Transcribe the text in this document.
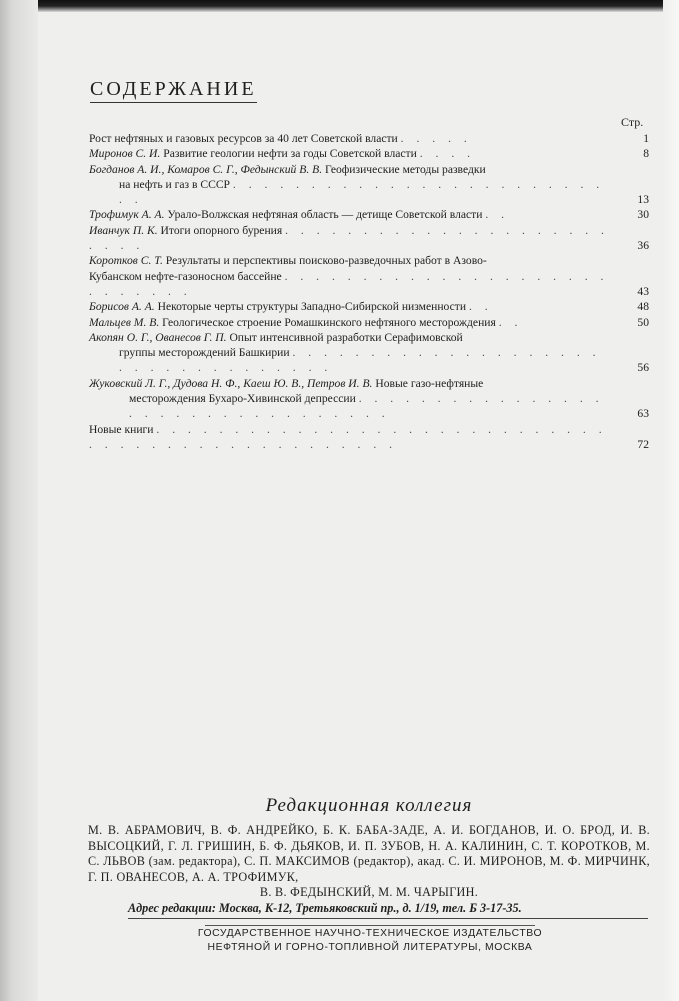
СОДЕРЖАНИЕ
Стр.
Рост нефтяных и газовых ресурсов за 40 лет Советской власти . . . . .	1
Миронов С. И. Развитие геологии нефти за годы Советской власти . . . .	8
Богданов А. И., Комаров С. Г., Федынский В. В. Геофизические методы разведки
на нефть и газ в СССР . . . . . . . . . . . . . . . . . . . . . . . . . .	13
Трофимук А. А. Урало-Волжская нефтяная область — детище Советской власти . .	30
Иванчук П. К. Итоги опорного бурения . . . . . . . . . . . . . . . . . . . . . . . . .	36
Коротков С. Т. Результаты и перспективы поисково-разведочных работ в Азово-
Кубанском нефте-газоносном бассейне . . . . . . . . . . . . . . . . . . . . . . . . . . . .	43
Борисов А. А. Некоторые черты структуры Западно-Сибирской низменности . .	48
Мальцев М. В. Геологическое строение Ромашкинского нефтяного месторождения . .	50
Акопян О. Г., Ованесов Г. П. Опыт интенсивной разработки Серафимовской
группы месторождений Башкирии . . . . . . . . . . . . . . . . . . . . . . . . . . . . . . . . . .	56
Жуковский Л. Г., Дудова Н. Ф., Каеш Ю. В., Петров И. В. Новые газо-нефтяные
месторождения Бухаро-Хивинской депрессии . . . . . . . . . . . . . . . . . . . . . . . . . . . . . . . . .	63
Новые книги . . . . . . . . . . . . . . . . . . . . . . . . . . . . . . . . . . . . . . . . . . . . . . . . .	72
Редакционная коллегия
М. В. АБРАМОВИЧ, В. Ф. АНДРЕЙКО, Б. К. БАБА-ЗАДЕ, А. И. БОГДАНОВ, И. О. БРОД, И. В. ВЫСОЦКИЙ, Г. Л. ГРИШИН, Б. Ф. ДЬЯКОВ, И. П. ЗУБОВ, Н. А. КАЛИНИН, С. Т. КОРОТКОВ, М. С. ЛЬВОВ (зам. редактора), С. П. МАКСИМОВ (редактор), акад. С. И. МИРОНОВ, М. Ф. МИРЧИНК, Г. П. ОВАНЕСОВ, А. А. ТРОФИМУК,
В. В. ФЕДЫНСКИЙ, М. М. ЧАРЫГИН.
Адрес редакции: Москва, К-12, Третьяковский пр., д. 1/19, тел. Б 3-17-35.
ГОСУДАРСТВЕННОЕ НАУЧНО-ТЕХНИЧЕСКОЕ ИЗДАТЕЛЬСТВО
НЕФТЯНОЙ И ГОРНО-ТОПЛИВНОЙ ЛИТЕРАТУРЫ, МОСКВА
